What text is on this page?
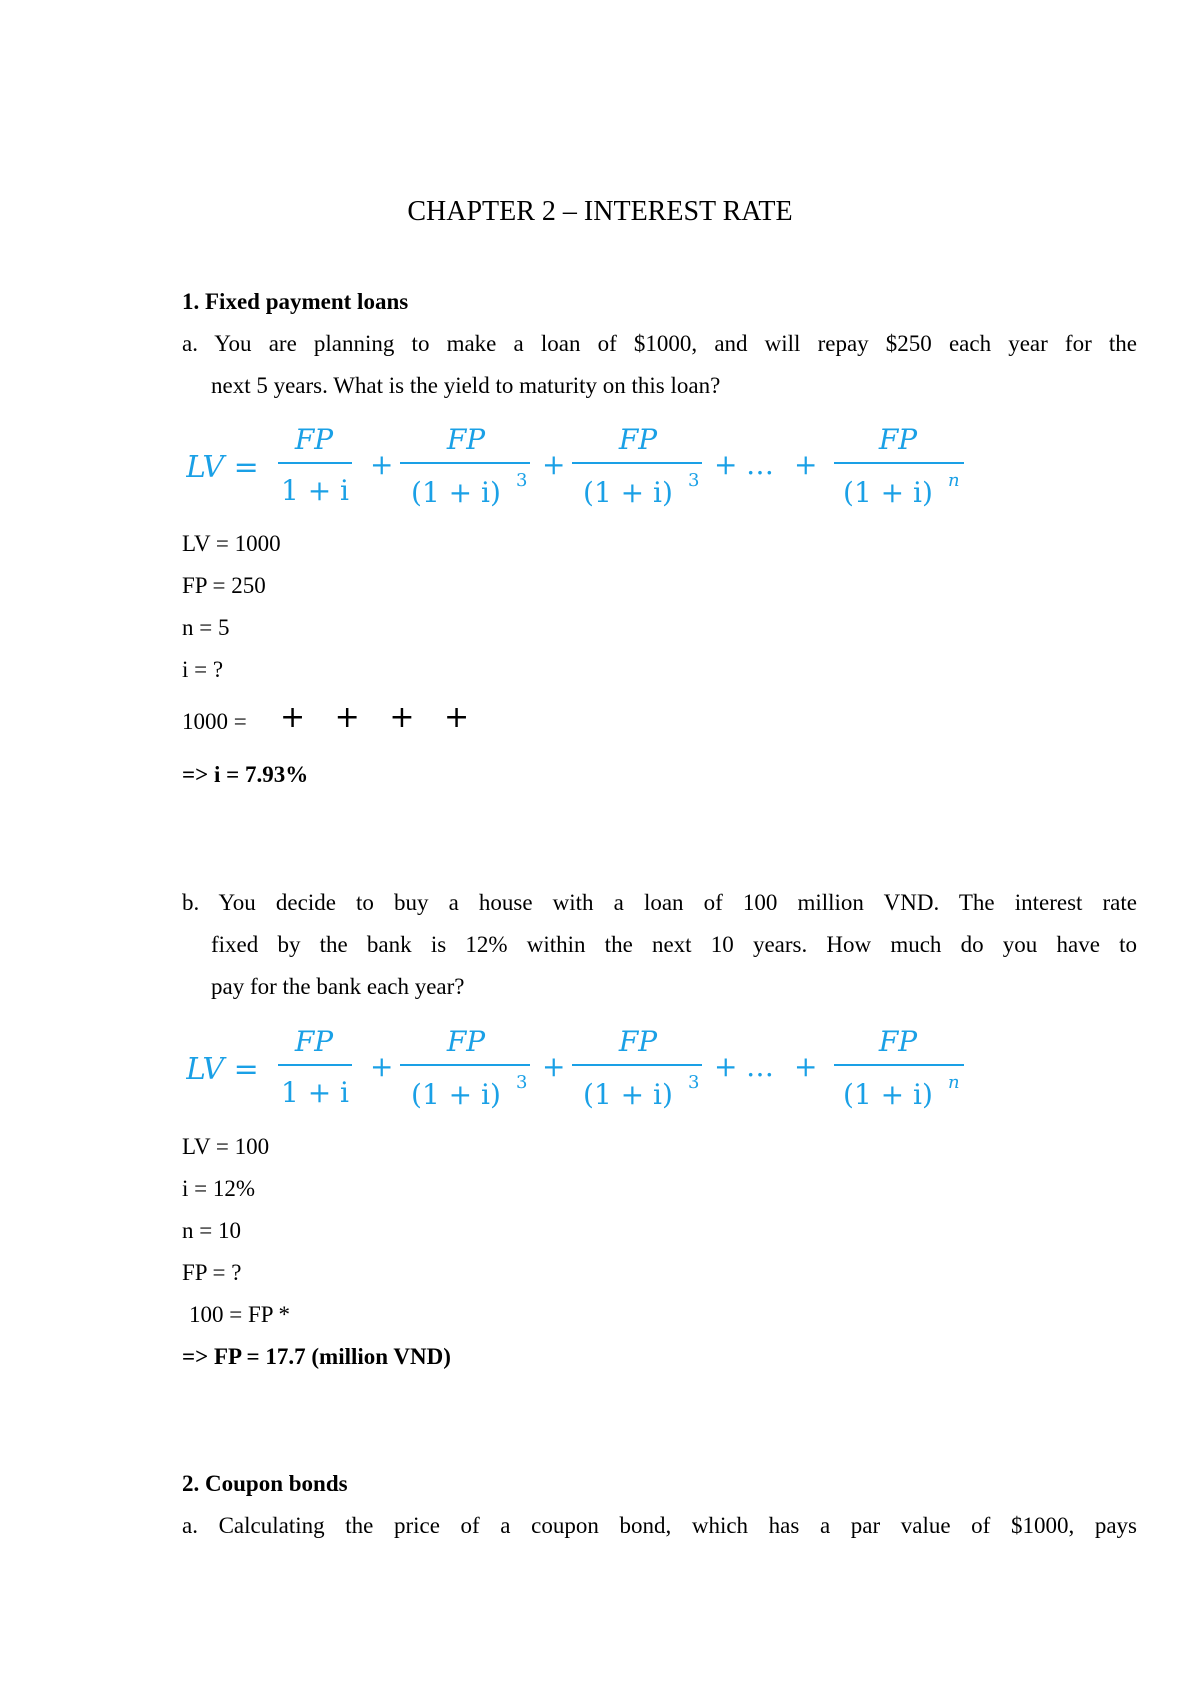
CHAPTER 2 – INTEREST RATE
1. Fixed payment loans
a. You are planning to make a loan of $1000, and will repay $250 each year for the
next 5 years. What is the yield to maturity on this loan?
LV =
FP
1 + i
+
FP
(1 + i) 3 +
FP
(1 + i) 3 + … +
FP
(1 + i) n
LV = 1000
FP = 250
n = 5
i = ?
1000 = + + + +
=> i = 7.93%
b. You decide to buy a house with a loan of 100 million VND. The interest rate
fixed by the bank is 12% within the next 10 years. How much do you have to
pay for the bank each year?
LV =
FP
1 + i
+
FP
(1 + i) 3 +
FP
(1 + i) 3 + … +
FP
(1 + i) n
LV = 100
i = 12%
n = 10
FP = ?
100 = FP *
=> FP = 17.7 (million VND)
2. Coupon bonds
a. Calculating the price of a coupon bond, which has a par value of $1000, pays
